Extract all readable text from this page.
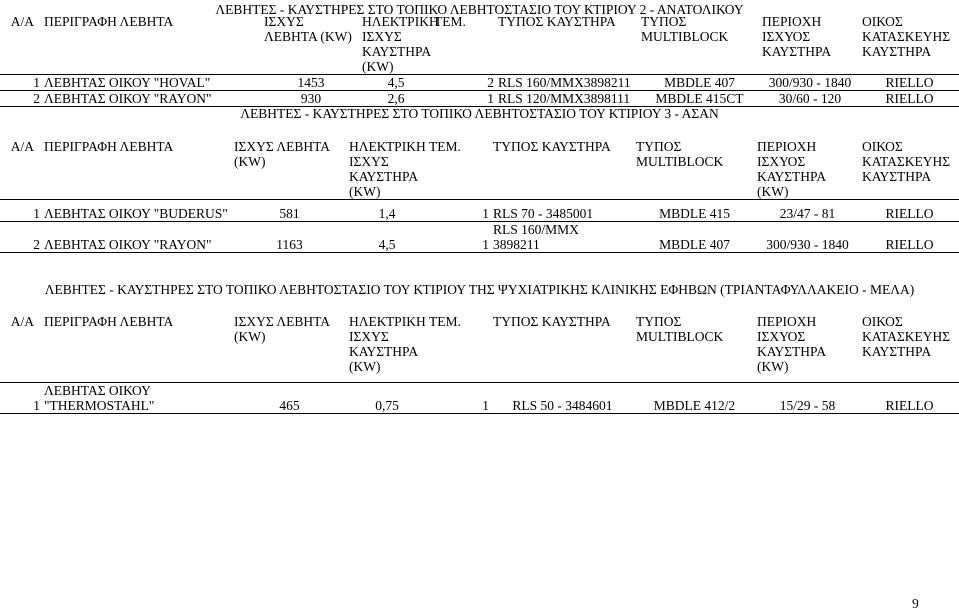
ΛΕΒΗΤΕΣ - ΚΑΥΣΤΗΡΕΣ ΣΤΟ ΤΟΠΙΚΟ ΛΕΒΗΤΟΣΤΑΣΙΟ ΤΟΥ ΚΤΙΡΙΟΥ 2 - ΑΝΑΤΟΛΙΚΟΥ
Α/Α	ΠΕΡΙΓΡΑΦΗ ΛΕΒΗΤΑ	ΙΣΧΥΣ
ΛΕΒΗΤΑ (KW)	ΗΛΕΚΤΡΙΚΗ
ΙΣΧΥΣ
ΚΑΥΣΤΗΡΑ
(KW)	ΤΕΜ.	ΤΥΠΟΣ ΚΑΥΣΤΗΡΑ	ΤΥΠΟΣ
MULTIBLOCK	ΠΕΡΙΟΧΗ
ΙΣΧΥΟΣ
ΚΑΥΣΤΗΡΑ	ΟΙΚΟΣ
ΚΑΤΑΣΚΕΥΗΣ
ΚΑΥΣΤΗΡΑ
1	ΛΕΒΗΤΑΣ ΟΙΚΟΥ "HOVAL"	1453	4,5	2	RLS 160/MMX3898211	MBDLE 407	300/930 - 1840	RIELLO
2	ΛΕΒΗΤΑΣ ΟΙΚΟΥ "RAYON"	930	2,6	1	RLS 120/MMX3898111	MBDLE 415CT	30/60 - 120	RIELLO
ΛΕΒΗΤΕΣ - ΚΑΥΣΤΗΡΕΣ ΣΤΟ ΤΟΠΙΚΟ ΛΕΒΗΤΟΣΤΑΣΙΟ ΤΟΥ ΚΤΙΡΙΟΥ 3 - ΑΣΑΝ
Α/Α	ΠΕΡΙΓΡΑΦΗ ΛΕΒΗΤΑ	ΙΣΧΥΣ ΛΕΒΗΤΑ
(KW)	ΗΛΕΚΤΡΙΚΗ
ΙΣΧΥΣ
ΚΑΥΣΤΗΡΑ
(KW)	ΤΕΜ.	ΤΥΠΟΣ ΚΑΥΣΤΗΡΑ	ΤΥΠΟΣ
MULTIBLOCK	ΠΕΡΙΟΧΗ
ΙΣΧΥΟΣ
ΚΑΥΣΤΗΡΑ
(KW)	ΟΙΚΟΣ
ΚΑΤΑΣΚΕΥΗΣ
ΚΑΥΣΤΗΡΑ
1	ΛΕΒΗΤΑΣ ΟΙΚΟΥ "BUDERUS"	581	1,4	1	RLS 70 - 3485001	MBDLE 415	23/47 - 81	RIELLO
2	ΛΕΒΗΤΑΣ ΟΙΚΟΥ "RAYON"	1163	4,5	1	RLS 160/MMX
3898211	MBDLE 407	300/930 - 1840	RIELLO
ΛΕΒΗΤΕΣ - ΚΑΥΣΤΗΡΕΣ ΣΤΟ ΤΟΠΙΚΟ ΛΕΒΗΤΟΣΤΑΣΙΟ ΤΟΥ ΚΤΙΡΙΟΥ ΤΗΣ ΨΥΧΙΑΤΡΙΚΗΣ ΚΛΙΝΙΚΗΣ ΕΦΗΒΩΝ (ΤΡΙΑΝΤΑΦΥΛΛΑΚΕΙΟ - ΜΕΛΑ)
Α/Α	ΠΕΡΙΓΡΑΦΗ ΛΕΒΗΤΑ	ΙΣΧΥΣ ΛΕΒΗΤΑ
(KW)	ΗΛΕΚΤΡΙΚΗ
ΙΣΧΥΣ
ΚΑΥΣΤΗΡΑ
(KW)	ΤΕΜ.	ΤΥΠΟΣ ΚΑΥΣΤΗΡΑ	ΤΥΠΟΣ
MULTIBLOCK	ΠΕΡΙΟΧΗ
ΙΣΧΥΟΣ
ΚΑΥΣΤΗΡΑ
(KW)	ΟΙΚΟΣ
ΚΑΤΑΣΚΕΥΗΣ
ΚΑΥΣΤΗΡΑ
1	ΛΕΒΗΤΑΣ ΟΙΚΟΥ
"THERMOSTAHL"	465	0,75	1	RLS 50 - 3484601	MBDLE 412/2	15/29 - 58	RIELLO
9
